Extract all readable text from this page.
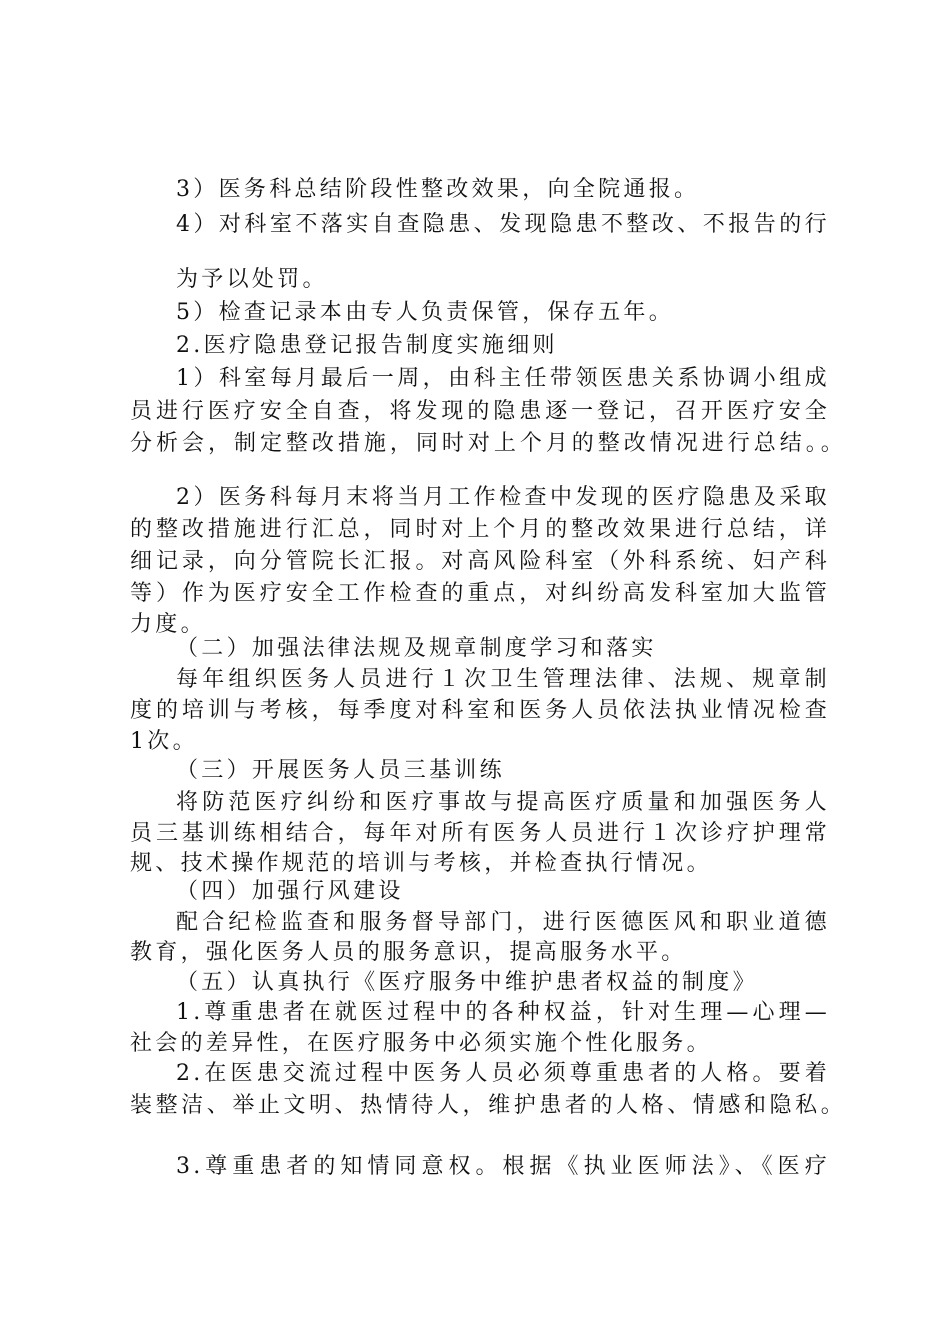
3）医务科总结阶段性整改效果，向全院通报。
4）对科室不落实自查隐患、发现隐患不整改、不报告的行
为予以处罚。
5）检查记录本由专人负责保管，保存五年。
2.医疗隐患登记报告制度实施细则
1）科室每月最后一周，由科主任带领医患关系协调小组成
员进行医疗安全自查，将发现的隐患逐一登记，召开医疗安全
分析会，制定整改措施，同时对上个月的整改情况进行总结。。
2）医务科每月末将当月工作检查中发现的医疗隐患及采取
的整改措施进行汇总，同时对上个月的整改效果进行总结，详
细记录，向分管院长汇报。对高风险科室（外科系统、妇产科
等）作为医疗安全工作检查的重点，对纠纷高发科室加大监管
力度。
（二）加强法律法规及规章制度学习和落实
每年组织医务人员进行１次卫生管理法律、法规、规章制
度的培训与考核，每季度对科室和医务人员依法执业情况检查
1次。
（三）开展医务人员三基训练
将防范医疗纠纷和医疗事故与提高医疗质量和加强医务人
员三基训练相结合，每年对所有医务人员进行１次诊疗护理常
规、技术操作规范的培训与考核，并检查执行情况。
（四）加强行风建设
配合纪检监查和服务督导部门，进行医德医风和职业道德
教育，强化医务人员的服务意识，提高服务水平。
（五）认真执行《医疗服务中维护患者权益的制度》
1.尊重患者在就医过程中的各种权益，针对生理—心理—
社会的差异性，在医疗服务中必须实施个性化服务。
2.在医患交流过程中医务人员必须尊重患者的人格。要着
装整洁、举止文明、热情待人，维护患者的人格、情感和隐私。
3.尊重患者的知情同意权。根据《执业医师法》、《医疗
